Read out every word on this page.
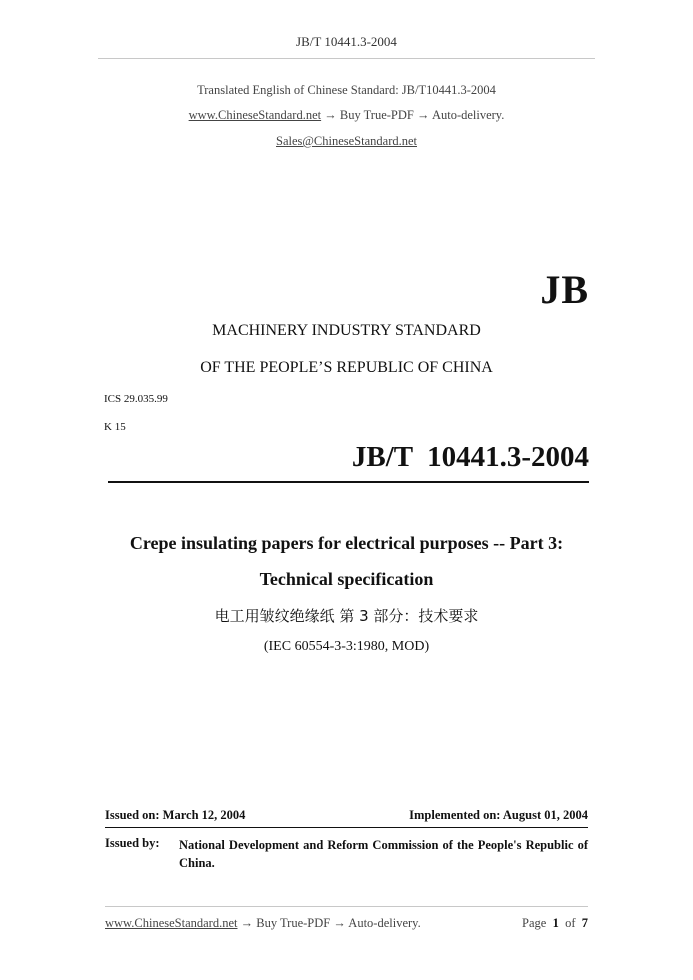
JB/T 10441.3-2004
Translated English of Chinese Standard: JB/T10441.3-2004
www.ChineseStandard.net → Buy True-PDF → Auto-delivery.
Sales@ChineseStandard.net
JB
MACHINERY INDUSTRY STANDARD
OF THE PEOPLE’S REPUBLIC OF CHINA
ICS 29.035.99
K 15
JB/T  10441.3-2004
Crepe insulating papers for electrical purposes -- Part 3:
Technical specification
电工用皱纹绝缘纸 第 3 部分：技术要求
(IEC 60554-3-3:1980, MOD)
Issued on: March 12, 2004	Implemented on: August 01, 2004
Issued by: National Development and Reform Commission of the People's Republic of China.
www.ChineseStandard.net → Buy True-PDF → Auto-delivery.	Page 1 of 7
